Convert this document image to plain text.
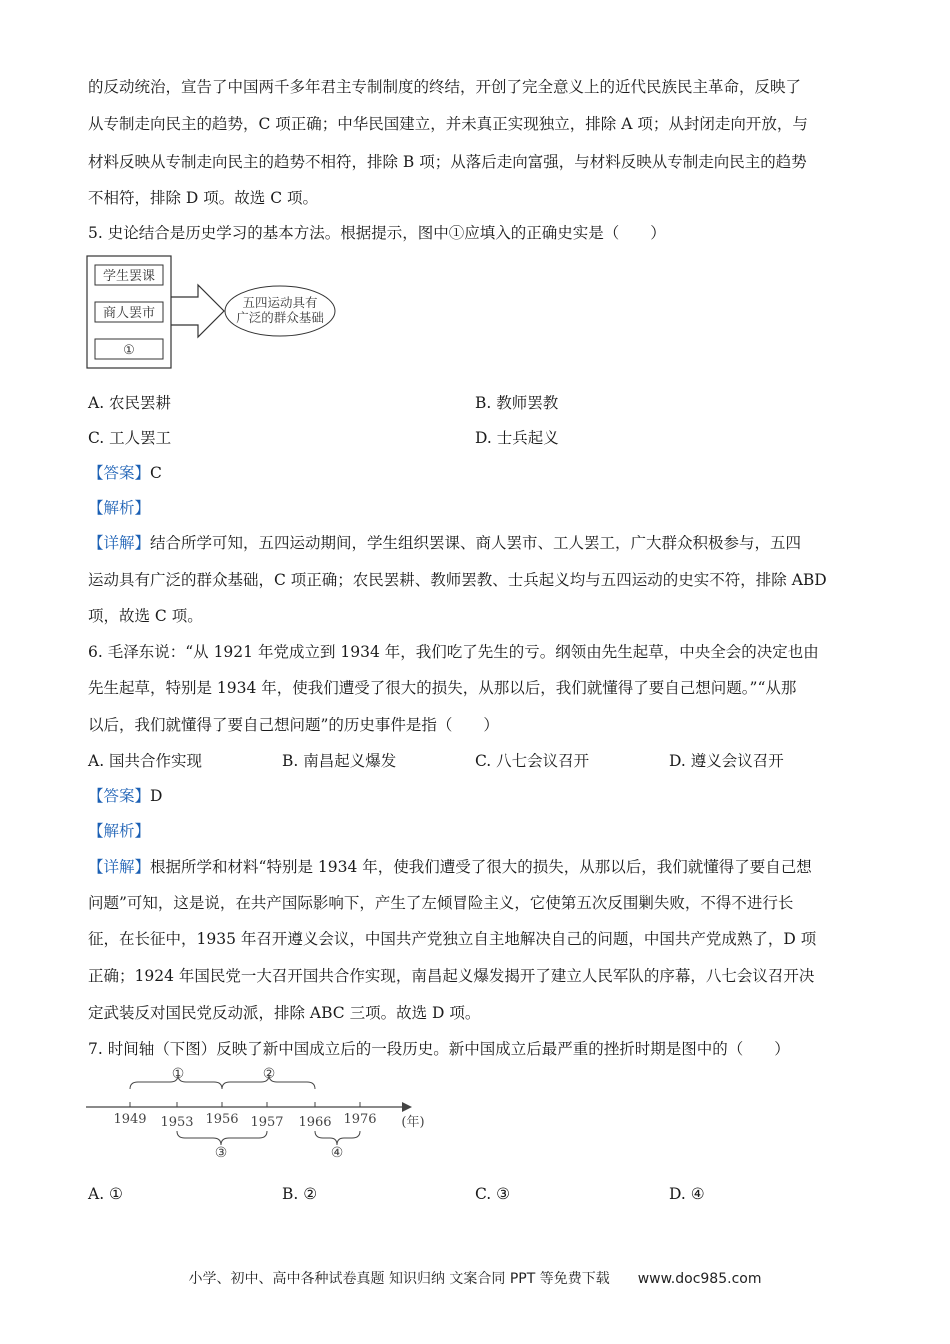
的反动统治，宣告了中国两千多年君主专制制度的终结，开创了完全意义上的近代民族民主革命，反映了
从专制走向民主的趋势，C 项正确；中华民国建立，并未真正实现独立，排除 A 项；从封闭走向开放，与
材料反映从专制走向民主的趋势不相符，排除 B 项；从落后走向富强，与材料反映从专制走向民主的趋势
不相符，排除 D 项。故选 C 项。
5. 史论结合是历史学习的基本方法。根据提示，图中①应填入的正确史实是（　　）
学生罢课
商人罢市
①
五四运动具有
广泛的群众基础
A. 农民罢耕	B. 教师罢教
C. 工人罢工	D. 士兵起义
【答案】C
【解析】
【详解】结合所学可知，五四运动期间，学生组织罢课、商人罢市、工人罢工，广大群众积极参与，五四
运动具有广泛的群众基础，C 项正确；农民罢耕、教师罢教、士兵起义均与五四运动的史实不符，排除 ABD
项，故选 C 项。
6. 毛泽东说：“从 1921 年党成立到 1934 年，我们吃了先生的亏。纲领由先生起草，中央全会的决定也由
先生起草，特别是 1934 年，使我们遭受了很大的损失，从那以后，我们就懂得了要自己想问题。”“从那
以后，我们就懂得了要自己想问题”的历史事件是指（　　）
A. 国共合作实现	B. 南昌起义爆发	C. 八七会议召开	D. 遵义会议召开
【答案】D
【解析】
【详解】根据所学和材料“特别是 1934 年，使我们遭受了很大的损失，从那以后，我们就懂得了要自己想
问题”可知，这是说，在共产国际影响下，产生了左倾冒险主义，它使第五次反围剿失败，不得不进行长
征，在长征中，1935 年召开遵义会议，中国共产党独立自主地解决自己的问题，中国共产党成熟了，D 项
正确；1924 年国民党一大召开国共合作实现，南昌起义爆发揭开了建立人民军队的序幕，八七会议召开决
定武装反对国民党反动派，排除 ABC 三项。故选 D 项。
7. 时间轴（下图）反映了新中国成立后的一段历史。新中国成立后最严重的挫折时期是图中的（　　）
①	②
1949 1953 1956 1957 1966 1976 (年)
③	④
A. ①	B. ②	C. ③	D. ④
小学、初中、高中各种试卷真题 知识归纳 文案合同 PPT 等免费下载　　www.doc985.com
